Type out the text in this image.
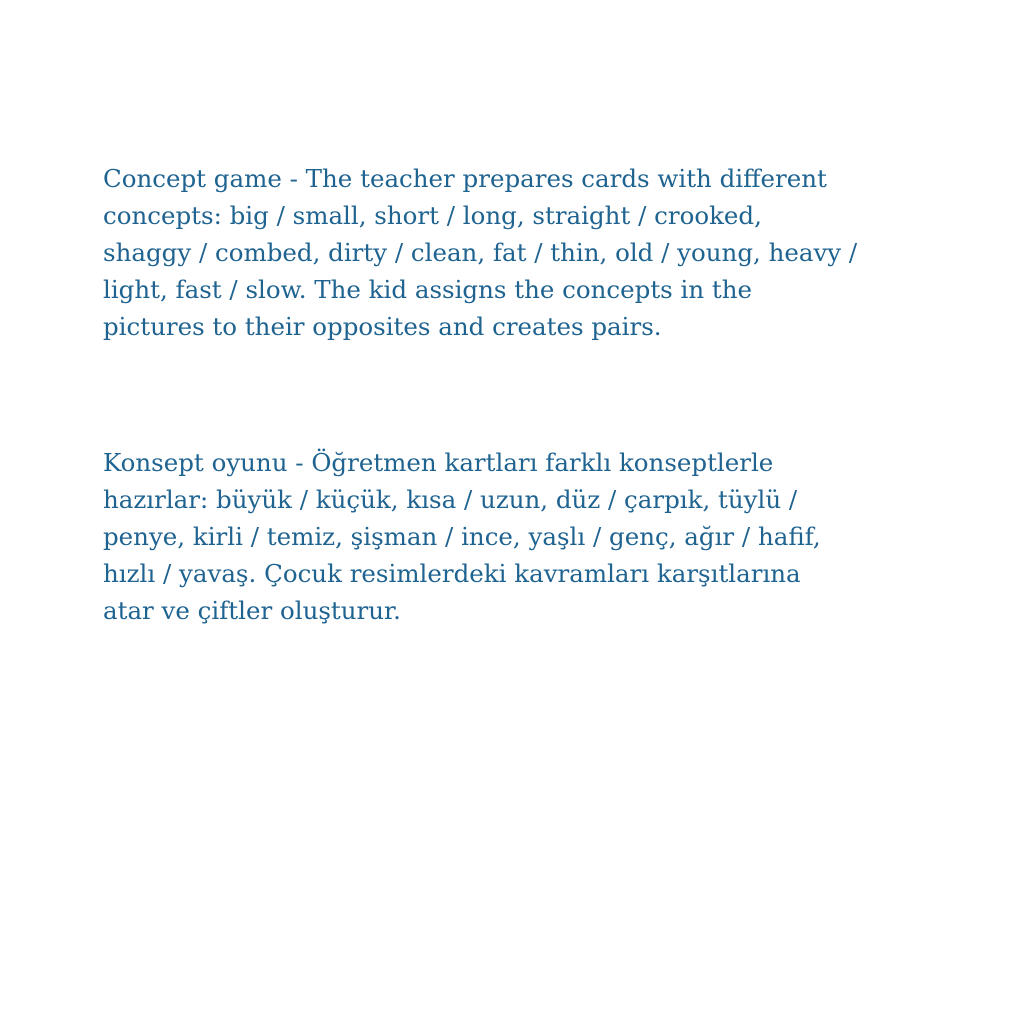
Concept game - The teacher prepares cards with different
concepts: big / small, short / long, straight / crooked,
shaggy / combed, dirty / clean, fat / thin, old / young, heavy /
light, fast / slow. The kid assigns the concepts in the
pictures to their opposites and creates pairs.

Konsept oyunu - Öğretmen kartları farklı konseptlerle
hazırlar: büyük / küçük, kısa / uzun, düz / çarpık, tüylü /
penye, kirli / temiz, şişman / ince, yaşlı / genç, ağır / hafif,
hızlı / yavaş. Çocuk resimlerdeki kavramları karşıtlarına
atar ve çiftler oluşturur.
